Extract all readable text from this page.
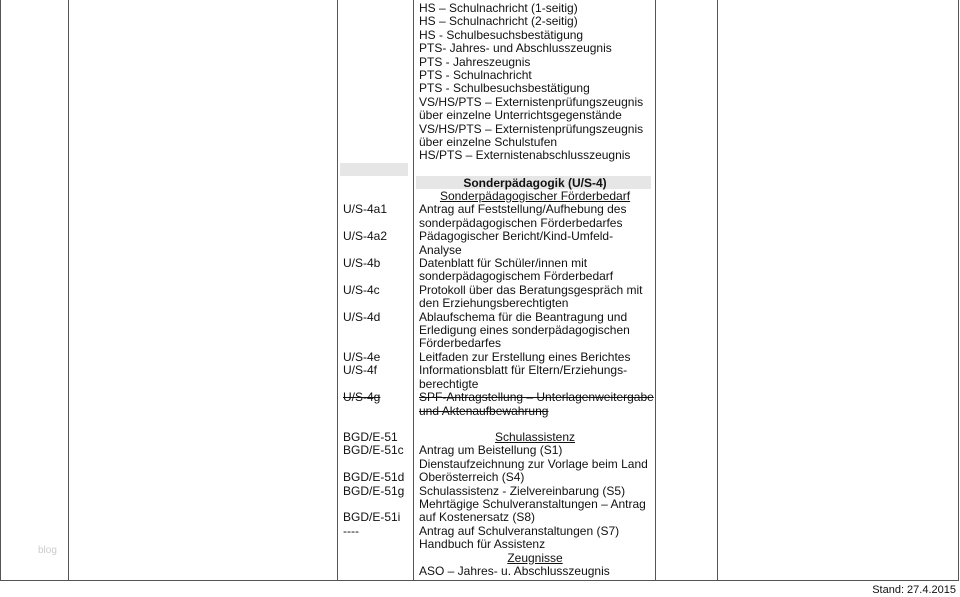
blog
HS – Schulnachricht (1-seitig)
HS – Schulnachricht (2-seitig)
HS - Schulbesuchsbestätigung
PTS- Jahres- und Abschlusszeugnis
PTS - Jahreszeugnis
PTS - Schulnachricht
PTS - Schulbesuchsbestätigung
VS/HS/PTS – Externistenprüfungszeugnis
über einzelne Unterrichtsgegenstände
VS/HS/PTS – Externistenprüfungszeugnis
über einzelne Schulstufen
HS/PTS – Externistenabschlusszeugnis
Sonderpädagogik (U/S-4)
U/S-4a1
U/S-4a2
U/S-4b
U/S-4c
U/S-4d
U/S-4e
U/S-4f
U/S-4g
Sonderpädagogischer Förderbedarf
Antrag auf Feststellung/Aufhebung des
sonderpädagogischen Förderbedarfes
Pädagogischer Bericht/Kind-Umfeld-
Analyse
Datenblatt für Schüler/innen mit
sonderpädagogischem Förderbedarf
Protokoll über das Beratungsgespräch mit
den Erziehungsberechtigten
Ablaufschema für die Beantragung und
Erledigung eines sonderpädagogischen
Förderbedarfes
Leitfaden zur Erstellung eines Berichtes
Informationsblatt für Eltern/Erziehungs-
berechtigte
SPF-Antragstellung – Unterlagenweitergabe
und Aktenaufbewahrung
BGD/E-51
BGD/E-51c
BGD/E-51d
BGD/E-51g
BGD/E-51i
----
Schulassistenz
Antrag um Beistellung (S1)
Dienstaufzeichnung zur Vorlage beim Land
Oberösterreich (S4)
Schulassistenz - Zielvereinbarung (S5)
Mehrtägige Schulveranstaltungen – Antrag
auf Kostenersatz (S8)
Antrag auf Schulveranstaltungen (S7)
Handbuch für Assistenz
Zeugnisse
ASO – Jahres- u. Abschlusszeugnis
Stand: 27.4.2015
